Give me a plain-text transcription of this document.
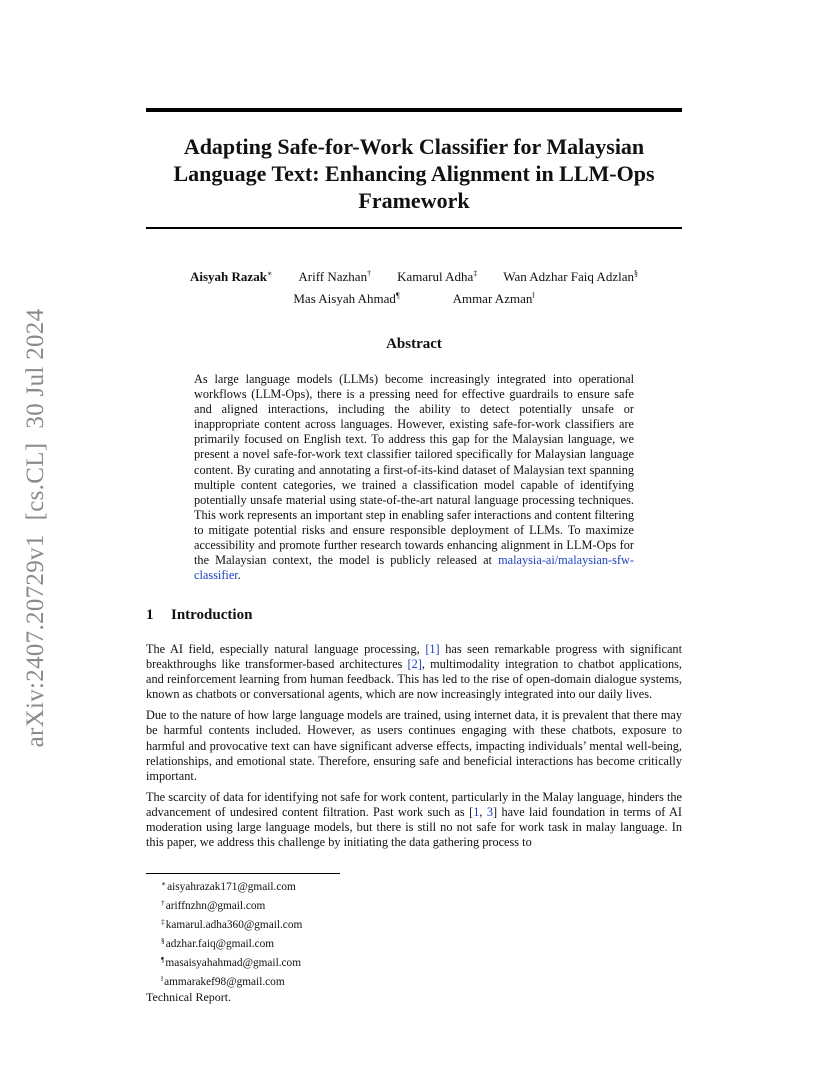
arXiv:2407.20729v1[cs.CL]30 Jul 2024
Adapting Safe-for-Work Classifier for Malaysian Language Text: Enhancing Alignment in LLM-Ops Framework
Aisyah Razak∗ Ariff Nazhan† Kamarul Adha‡ Wan Adzhar Faiq Adzlan§
Mas Aisyah Ahmad¶	Ammar Azman‖
Abstract

As large language models (LLMs) become increasingly integrated into operational workflows (LLM-Ops), there is a pressing need for effective guardrails to ensure safe and aligned interactions, including the ability to detect potentially unsafe or inappropriate content across languages. However, existing safe-for-work classifiers are primarily focused on English text. To address this gap for the Malaysian language, we present a novel safe-for-work text classifier tailored specifically for Malaysian language content. By curating and annotating a first-of-its-kind dataset of Malaysian text spanning multiple content categories, we trained a classification model capable of identifying potentially unsafe material using state-of-the-art natural language processing techniques. This work represents an important step in enabling safer interactions and content filtering to mitigate potential risks and ensure responsible deployment of LLMs. To maximize accessibility and promote further research towards enhancing alignment in LLM-Ops for the Malaysian context, the model is publicly released at malaysia-ai/malaysian-sfw-classifier.

1 Introduction

The AI field, especially natural language processing, [1] has seen remarkable progress with significant breakthroughs like transformer-based architectures [2], multimodality integration to chatbot applications, and reinforcement learning from human feedback. This has led to the rise of open-domain dialogue systems, known as chatbots or conversational agents, which are now increasingly integrated into our daily lives.

Due to the nature of how large language models are trained, using internet data, it is prevalent that there may be harmful contents included. However, as users continues engaging with these chatbots, exposure to harmful and provocative text can have significant adverse effects, impacting individuals’ mental well-being, relationships, and emotional state. Therefore, ensuring safe and beneficial interactions has become critically important.

The scarcity of data for identifying not safe for work content, particularly in the Malay language, hinders the advancement of undesired content filtration. Past work such as [1, 3] have laid foundation in terms of AI moderation using large language models, but there is still no not safe for work task in malay language. In this paper, we address this challenge by initiating the data gathering process to

∗aisyahrazak171@gmail.com
†ariffnzhn@gmail.com
‡kamarul.adha360@gmail.com
§adzhar.faiq@gmail.com
¶masaisyahahmad@gmail.com
‖ammarakef98@gmail.com
Technical Report.
